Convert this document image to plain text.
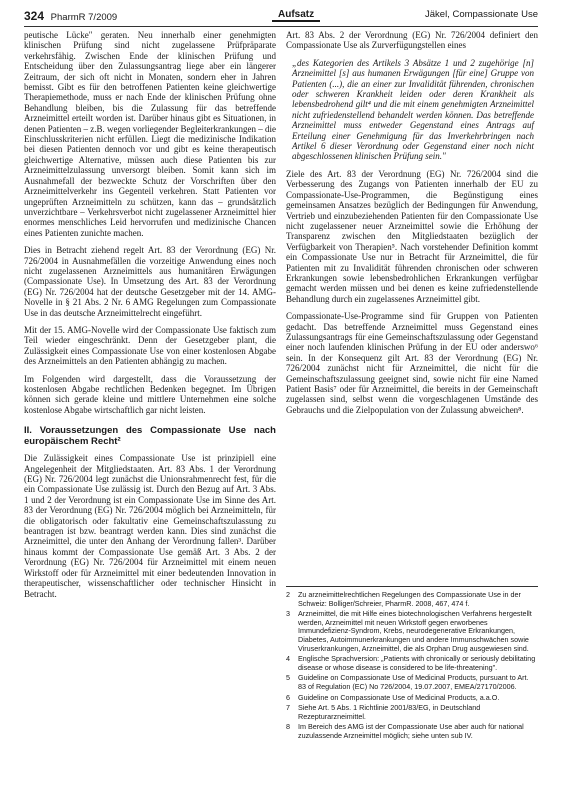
324 PharmR 7/2009	Aufsatz	Jäkel, Compassionate Use

peutische Lücke" geraten. Neu innerhalb einer genehmigten klinischen Prüfung sind nicht zugelassene Prüfpräparate verkehrsfähig. Zwischen Ende der klinischen Prüfung und Entscheidung über den Zulassungsantrag liege aber ein längerer Zeitraum, der sich oft nicht in Monaten, sondern eher in Jahren bemisst. Gibt es für den betroffenen Patienten keine gleichwertige Therapiemethode, muss er nach Ende der klinischen Prüfung ohne Behandlung bleiben, bis die Zulassung für das betreffende Arzneimittel erteilt worden ist. Darüber hinaus gibt es Situationen, in denen Patienten – z.B. wegen vorliegender Begleiterkrankungen – die Einschlusskriterien nicht erfüllen. Liegt die medizinische Indikation bei diesen Patienten dennoch vor und gibt es keine therapeutisch gleichwertige Alternative, müssen auch diese Patienten bis zur Arzneimittelzulassung unversorgt bleiben. Somit kann sich im Ausnahmefall der bezweckte Schutz der Vorschriften über den Arzneimittelverkehr ins Gegenteil verkehren. Statt Patienten vor ungeprüften Arzneimitteln zu schützen, kann das – grundsätzlich unverzichtbare – Verkehrsverbot nicht zugelassener Arzneimittel hier enormes menschliches Leid hervorrufen und medizinische Chancen eines Patienten zunichte machen.

Dies in Betracht ziehend regelt Art. 83 der Verordnung (EG) Nr. 726/2004 in Ausnahmefällen die vorzeitige Anwendung eines noch nicht zugelassenen Arzneimittels aus humanitären Erwägungen (Compassionate Use). In Umsetzung des Art. 83 der Verordnung (EG) Nr. 726/2004 hat der deutsche Gesetzgeber mit der 14. AMG-Novelle in § 21 Abs. 2 Nr. 6 AMG Regelungen zum Compassionate Use in das deutsche Arzneimittelrecht eingeführt.

Mit der 15. AMG-Novelle wird der Compassionate Use faktisch zum Teil wieder eingeschränkt. Denn der Gesetzgeber plant, die Zulässigkeit eines Compassionate Use von einer kostenlosen Abgabe des Arzneimittels an den Patienten abhängig zu machen.

Im Folgenden wird dargestellt, dass die Voraussetzung der kostenlosen Abgabe rechtlichen Bedenken begegnet. Im Übrigen können sich gerade kleine und mittlere Unternehmen eine solche kostenlose Abgabe wirtschaftlich gar nicht leisten.

II. Voraussetzungen des Compassionate Use nach europäischem Recht²

Die Zulässigkeit eines Compassionate Use ist prinzipiell eine Angelegenheit der Mitgliedstaaten. Art. 83 Abs. 1 der Verordnung (EG) Nr. 726/2004 legt zunächst die Unionsrahmenrecht fest, für die ein Compassionate Use zulässig ist. Durch den Bezug auf Art. 3 Abs. 1 und 2 der Verordnung ist ein Compassionate Use im Sinne des Art. 83 der Verordnung (EG) Nr. 726/2004 möglich bei Arzneimitteln, für die obligatorisch oder fakultativ eine Gemeinschaftszulassung zu beantragen ist bzw. beantragt werden kann. Dies sind zunächst die Arzneimittel, die unter den Anhang der Verordnung fallen³. Darüber hinaus kommt der Compassionate Use gemäß Art. 3 Abs. 2 der Verordnung (EG) Nr. 726/2004 für Arzneimittel mit einem neuen Wirkstoff oder für Arzneimittel mit einer bedeutenden Innovation in therapeutischer, wissenschaftlicher oder technischer Hinsicht in Betracht.

Art. 83 Abs. 2 der Verordnung (EG) Nr. 726/2004 definiert den Compassionate Use als Zurverfügungstellen eines

„des Kategorien des Artikels 3 Absätze 1 und 2 zugehörige [n] Arzneimittel [s] aus humanen Erwägungen [für eine] Gruppe von Patienten (...), die an einer zur Invalidität führenden, chronischen oder schweren Krankheit leiden oder deren Krankheit als lebensbedrohend gilt⁴ und die mit einem genehmigten Arzneimittel nicht zufriedenstellend behandelt werden können. Das betreffende Arzneimittel muss entweder Gegenstand eines Antrags auf Erteilung einer Genehmigung für das Inverkehrbringen nach Artikel 6 dieser Verordnung oder Gegenstand einer noch nicht abgeschlossenen klinischen Prüfung sein."

Ziele des Art. 83 der Verordnung (EG) Nr. 726/2004 sind die Verbesserung des Zugangs von Patienten innerhalb der EU zu Compassionate-Use-Programmen, die Begünstigung eines gemeinsamen Ansatzes bezüglich der Bedingungen für Anwendung, Vertrieb und einzubeziehenden Patienten für den Compassionate Use nicht zugelassener neuer Arzneimittel sowie die Erhöhung der Transparenz zwischen den Mitgliedstaaten bezüglich der Verfügbarkeit von Therapien⁵. Nach vorstehender Definition kommt ein Compassionate Use nur in Betracht für Arzneimittel, die für Patienten mit zu Invalidität führenden chronischen oder schweren Erkrankungen sowie lebensbedrohlichen Erkrankungen verfügbar gemacht werden müssen und bei denen es keine zufriedenstellende Behandlung durch ein zugelassenes Arzneimittel gibt.

Compassionate-Use-Programme sind für Gruppen von Patienten gedacht. Das betreffende Arzneimittel muss Gegenstand eines Zulassungsantrags für eine Gemeinschaftszulassung oder Gegenstand einer noch laufenden klinischen Prüfung in der EU oder anderswo⁶ sein. In der Konsequenz gilt Art. 83 der Verordnung (EG) Nr. 726/2004 zunächst nicht für Arzneimittel, die nicht für die Gemeinschaftszulassung geeignet sind, sowie nicht für eine Named Patient Basis⁷ oder für Arzneimittel, die bereits in der Gemeinschaft zugelassen sind, selbst wenn die vorgeschlagenen Umstände des Gebrauchs und die Zielpopulation von der Zulassung abweichen⁸.

2	Zu arzneimittelrechtlichen Regelungen des Compassionate Use in der Schweiz: Bolliger/Schreier, PharmR. 2008, 467, 474 f.
3	Arzneimittel, die mit Hilfe eines biotechnologischen Verfahrens hergestellt werden, Arzneimittel mit neuen Wirkstoff gegen erworbenes Immundefizienz-Syndrom, Krebs, neurodegenerative Erkrankungen, Diabetes, Autoimmunerkrankungen und andere Immunschwächen sowie Viruserkrankungen, Arzneimittel, die als Orphan Drug ausgewiesen sind.
4	Englische Sprachversion: „Patients with chronically or seriously debilitating disease or whose disease is considered to be life-threatening".
5	Guideline on Compassionate Use of Medicinal Products, pursuant to Art. 83 of Regulation (EC) No 726/2004, 19.07.2007, EMEA/27170/2006.
6	Guideline on Compassionate Use of Medicinal Products, a.a.O.
7	Siehe Art. 5 Abs. 1 Richtlinie 2001/83/EG, in Deutschland Rezepturarzneimittel.
8	Im Bereich des AMG ist der Compassionate Use aber auch für national zuzulassende Arzneimittel möglich; siehe unten sub IV.
